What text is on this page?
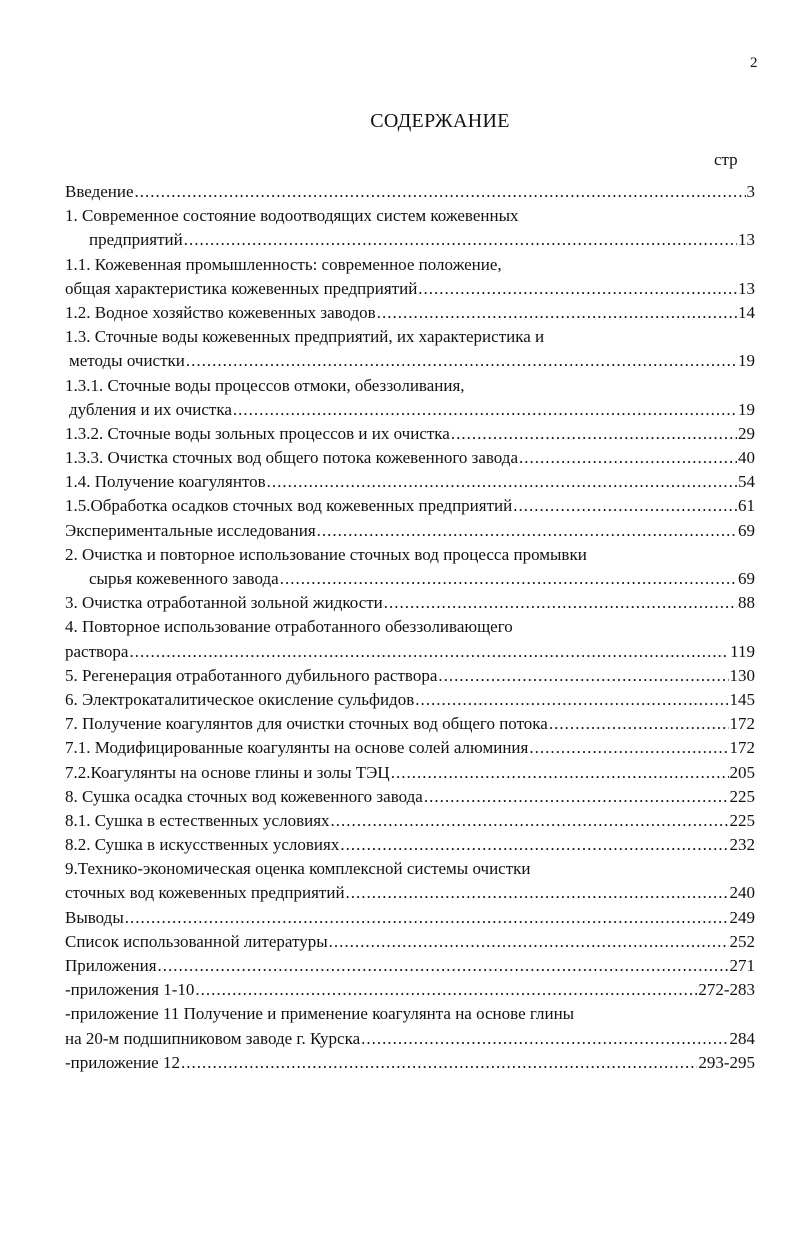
2
СОДЕРЖАНИЕ
стр
Введение .....	3
1. Современное состояние водоотводящих систем кожевенных
предприятий .....	13
1.1. Кожевенная промышленность: современное положение,
общая характеристика кожевенных предприятий .....	13
1.2. Водное хозяйство кожевенных заводов .....	14
1.3. Сточные воды кожевенных предприятий, их характеристика и
методы очистки .....	19
1.3.1. Сточные воды процессов отмоки, обеззоливания,
дубления и их очистка .....	19
1.3.2. Сточные воды зольных процессов и их очистка .....	29
1.3.3. Очистка сточных вод общего потока кожевенного завода .....	40
1.4. Получение коагулянтов .....	54
1.5.Обработка осадков сточных вод кожевенных предприятий .....	61
Экспериментальные исследования .....	69
2. Очистка и повторное использование сточных вод процесса промывки
сырья кожевенного завода .....	69
3. Очистка отработанной зольной жидкости .....	88
4. Повторное использование отработанного обеззоливающего
раствора .....	119
5. Регенерация отработанного дубильного раствора .....	130
6. Электрокаталитическое окисление сульфидов .....	145
7. Получение коагулянтов для очистки сточных вод общего потока .....	172
7.1. Модифицированные коагулянты на основе солей алюминия .....	172
7.2.Коагулянты на основе глины и золы ТЭЦ .....	205
8. Сушка осадка сточных вод кожевенного завода .....	225
8.1. Сушка в естественных условиях .....	225
8.2. Сушка в искусственных условиях .....	232
9.Технико-экономическая оценка комплексной системы очистки
сточных вод кожевенных предприятий .....	240
Выводы .....	249
Список использованной литературы .....	252
Приложения .....	271
-приложения 1-10 .....	272-283
-приложение 11 Получение и применение коагулянта на основе глины
на 20-м подшипниковом заводе г. Курска .....	284
-приложение 12 .....	293-295
